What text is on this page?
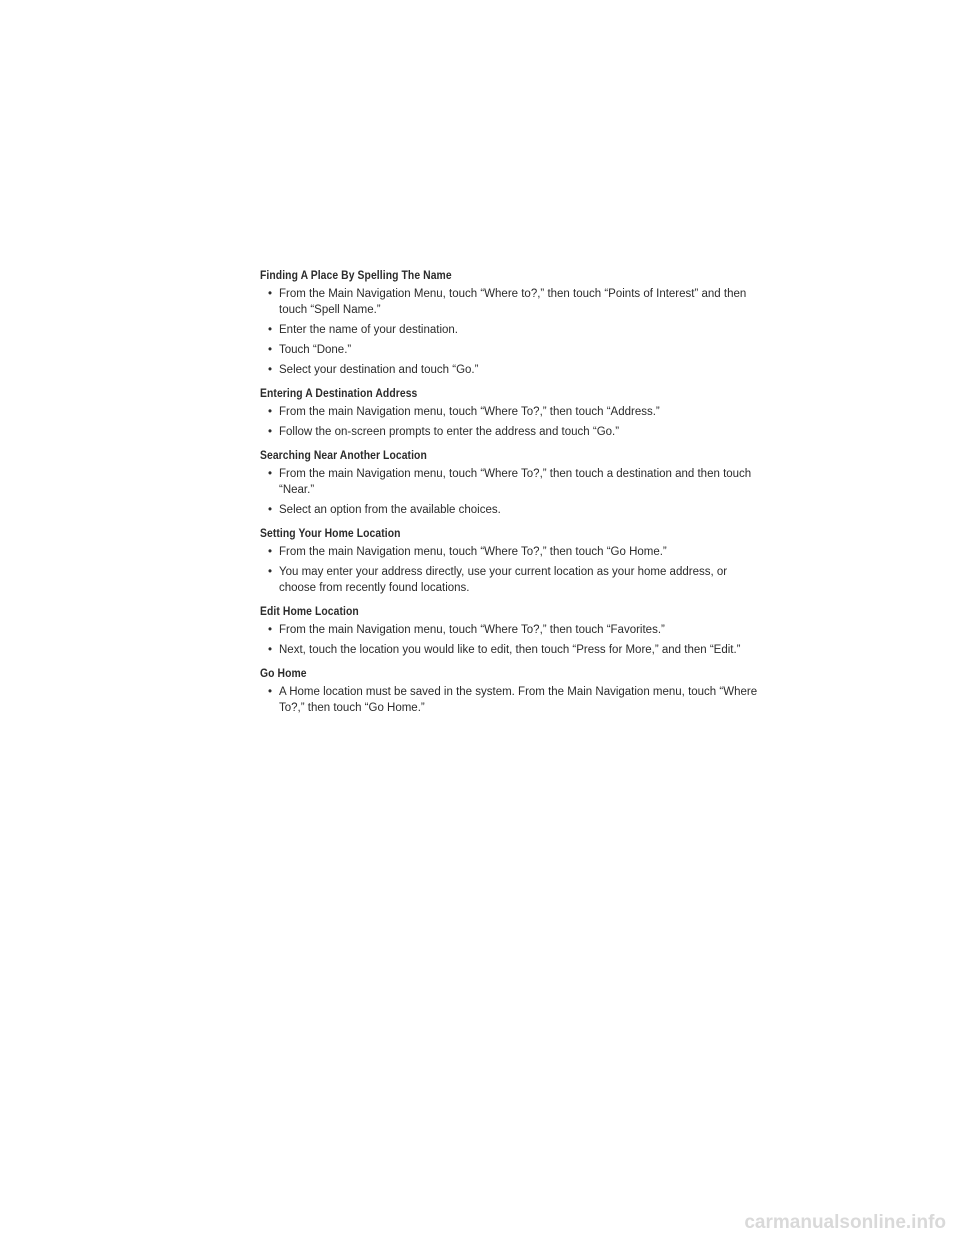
Finding A Place By Spelling The Name
• From the Main Navigation Menu, touch “Where to?,” then touch “Points of Interest” and then touch “Spell Name.”
• Enter the name of your destination.
• Touch “Done.”
• Select your destination and touch “Go.”
Entering A Destination Address
• From the main Navigation menu, touch “Where To?,” then touch “Address.”
• Follow the on-screen prompts to enter the address and touch “Go.”
Searching Near Another Location
• From the main Navigation menu, touch “Where To?,” then touch a destination and then touch “Near.”
• Select an option from the available choices.
Setting Your Home Location
• From the main Navigation menu, touch “Where To?,” then touch “Go Home.”
• You may enter your address directly, use your current location as your home address, or choose from recently found locations.
Edit Home Location
• From the main Navigation menu, touch “Where To?,” then touch “Favorites.”
• Next, touch the location you would like to edit, then touch “Press for More,” and then “Edit.”
Go Home
• A Home location must be saved in the system. From the Main Navigation menu, touch “Where To?,” then touch “Go Home.”
carmanualsonline.info
